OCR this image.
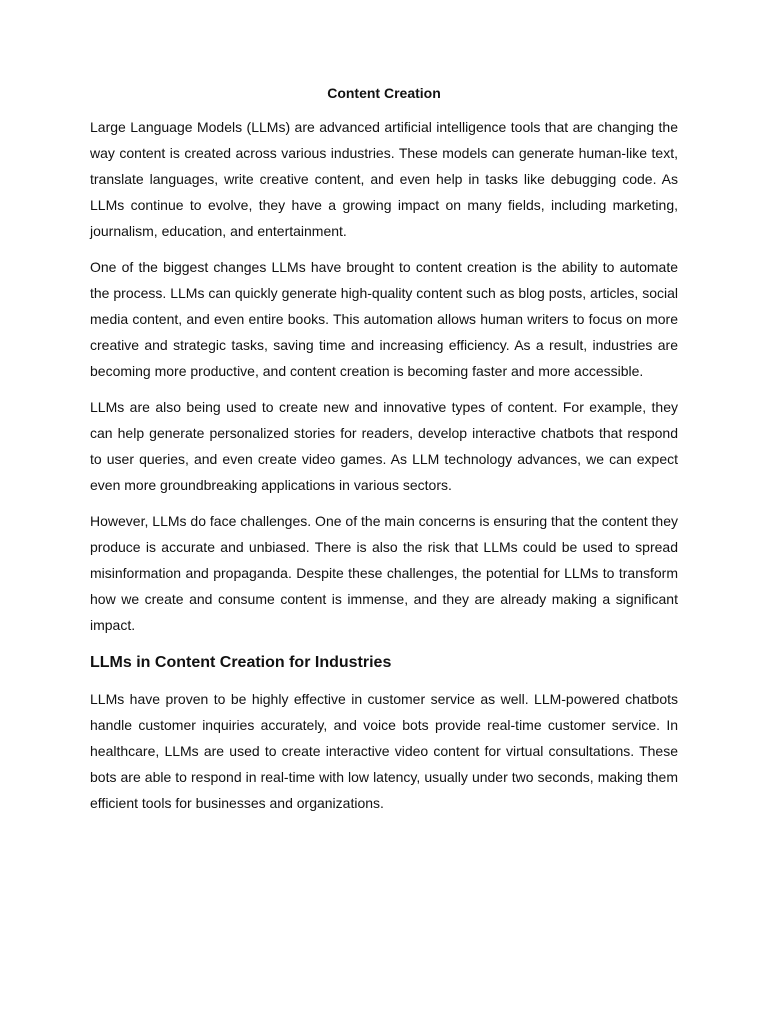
Content Creation

Large Language Models (LLMs) are advanced artificial intelligence tools that are changing the way content is created across various industries. These models can generate human-like text, translate languages, write creative content, and even help in tasks like debugging code. As LLMs continue to evolve, they have a growing impact on many fields, including marketing, journalism, education, and entertainment.

One of the biggest changes LLMs have brought to content creation is the ability to automate the process. LLMs can quickly generate high-quality content such as blog posts, articles, social media content, and even entire books. This automation allows human writers to focus on more creative and strategic tasks, saving time and increasing efficiency. As a result, industries are becoming more productive, and content creation is becoming faster and more accessible.

LLMs are also being used to create new and innovative types of content. For example, they can help generate personalized stories for readers, develop interactive chatbots that respond to user queries, and even create video games. As LLM technology advances, we can expect even more groundbreaking applications in various sectors.

However, LLMs do face challenges. One of the main concerns is ensuring that the content they produce is accurate and unbiased. There is also the risk that LLMs could be used to spread misinformation and propaganda. Despite these challenges, the potential for LLMs to transform how we create and consume content is immense, and they are already making a significant impact.

LLMs in Content Creation for Industries

LLMs have proven to be highly effective in customer service as well. LLM-powered chatbots handle customer inquiries accurately, and voice bots provide real-time customer service. In healthcare, LLMs are used to create interactive video content for virtual consultations. These bots are able to respond in real-time with low latency, usually under two seconds, making them efficient tools for businesses and organizations.
